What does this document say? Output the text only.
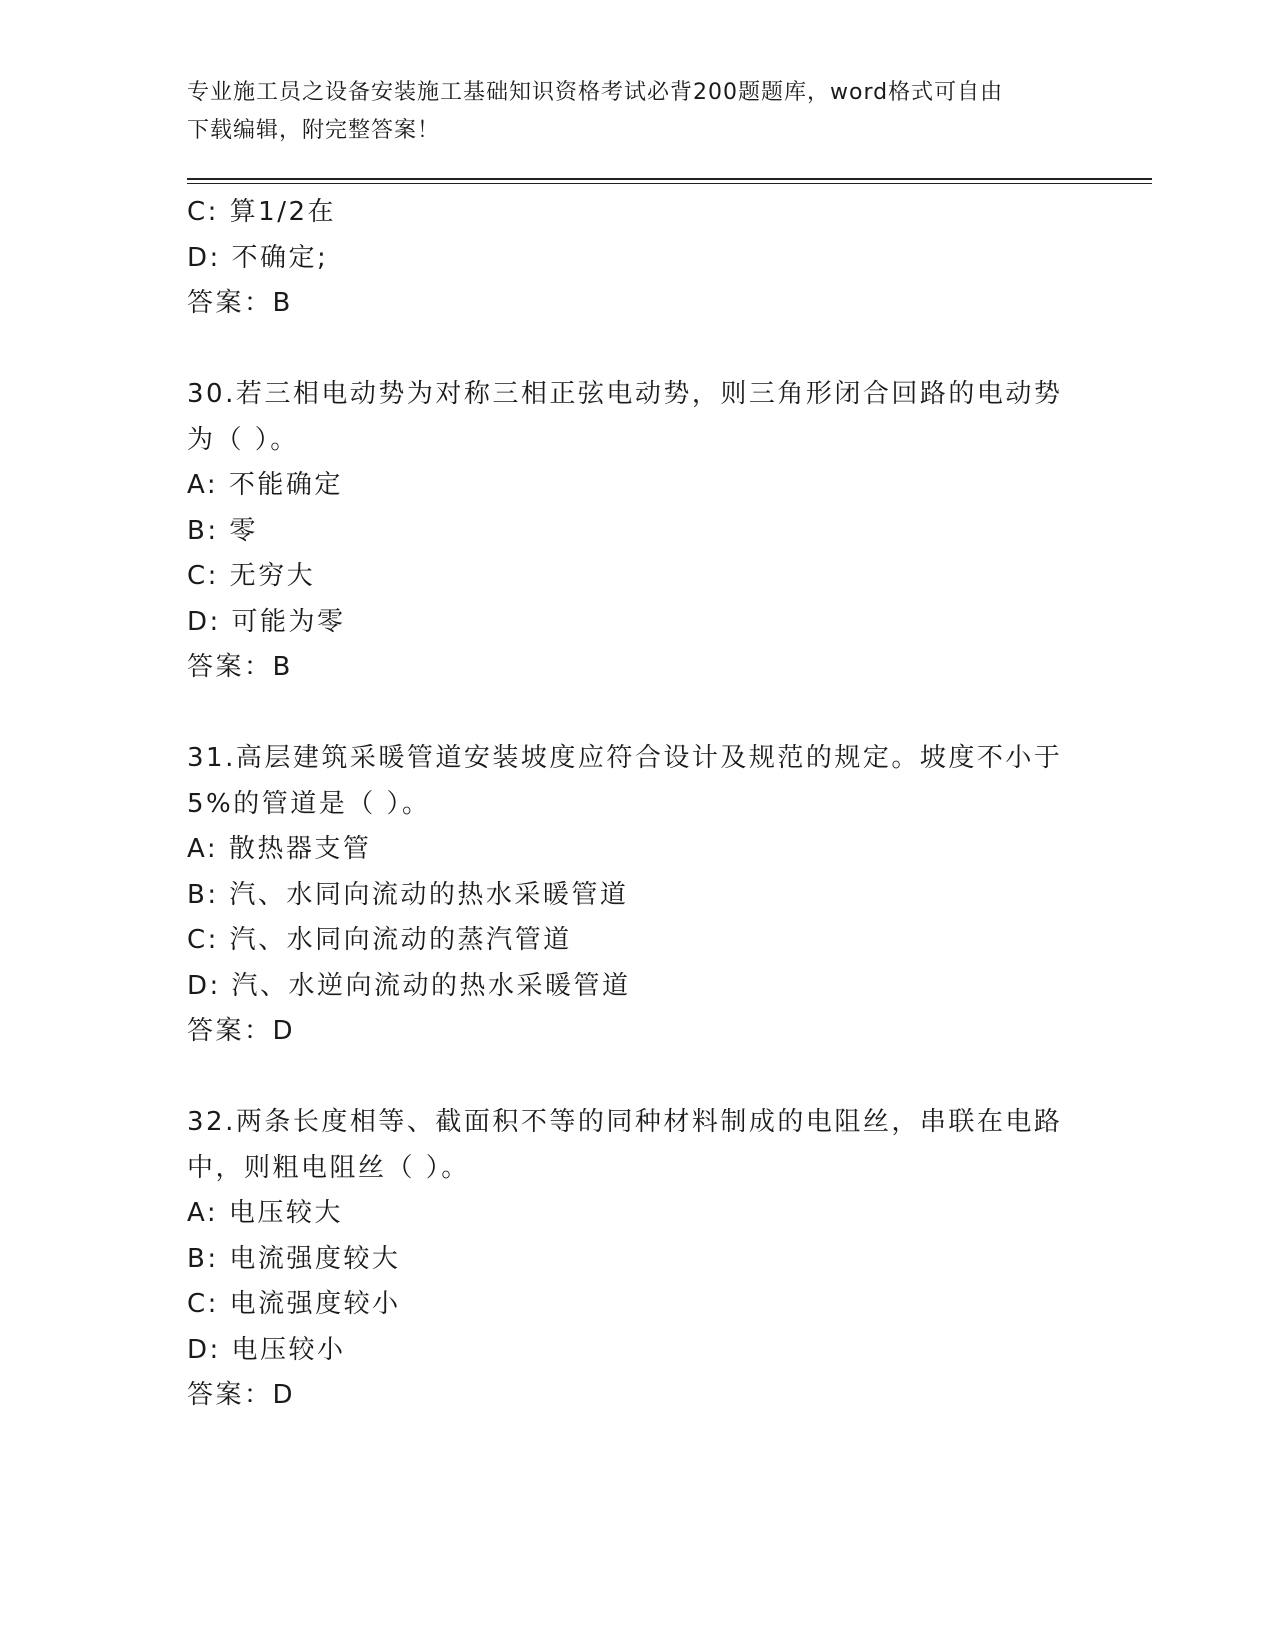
专业施工员之设备安装施工基础知识资格考试必背200题题库，word格式可自由
下载编辑，附完整答案！
C: 算1/2在
D: 不确定;
答案：B
30.若三相电动势为对称三相正弦电动势，则三角形闭合回路的电动势
为（ ）。
A: 不能确定
B: 零
C: 无穷大
D: 可能为零
答案：B
31.高层建筑采暖管道安装坡度应符合设计及规范的规定。坡度不小于
5%的管道是（ ）。
A: 散热器支管
B: 汽、水同向流动的热水采暖管道
C: 汽、水同向流动的蒸汽管道
D: 汽、水逆向流动的热水采暖管道
答案：D
32.两条长度相等、截面积不等的同种材料制成的电阻丝，串联在电路
中，则粗电阻丝（ ）。
A: 电压较大
B: 电流强度较大
C: 电流强度较小
D: 电压较小
答案：D
